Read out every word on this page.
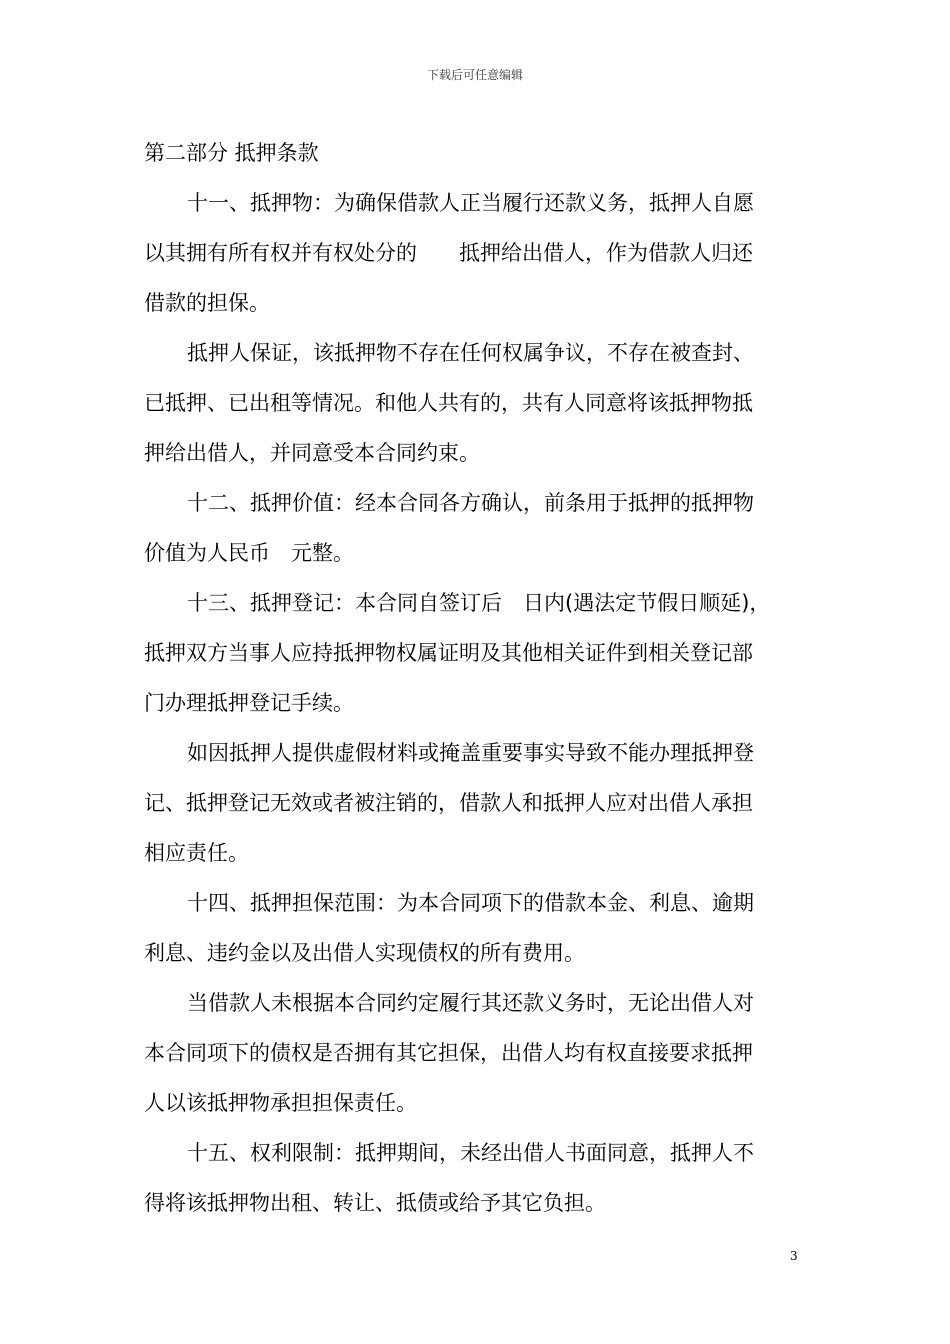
下载后可任意编辑
第二部分 抵押条款
十一、抵押物：为确保借款人正当履行还款义务，抵押人自愿
以其拥有所有权并有权处分的　　抵押给出借人，作为借款人归还
借款的担保。
抵押人保证，该抵押物不存在任何权属争议，不存在被查封、
已抵押、已出租等情况。和他人共有的，共有人同意将该抵押物抵
押给出借人，并同意受本合同约束。
十二、抵押价值：经本合同各方确认，前条用于抵押的抵押物
价值为人民币　元整。
十三、抵押登记：本合同自签订后　日内(遇法定节假日顺延)，
抵押双方当事人应持抵押物权属证明及其他相关证件到相关登记部
门办理抵押登记手续。
如因抵押人提供虚假材料或掩盖重要事实导致不能办理抵押登
记、抵押登记无效或者被注销的，借款人和抵押人应对出借人承担
相应责任。
十四、抵押担保范围：为本合同项下的借款本金、利息、逾期
利息、违约金以及出借人实现债权的所有费用。
当借款人未根据本合同约定履行其还款义务时，无论出借人对
本合同项下的债权是否拥有其它担保，出借人均有权直接要求抵押
人以该抵押物承担担保责任。
十五、权利限制：抵押期间，未经出借人书面同意，抵押人不
得将该抵押物出租、转让、抵债或给予其它负担。
3
